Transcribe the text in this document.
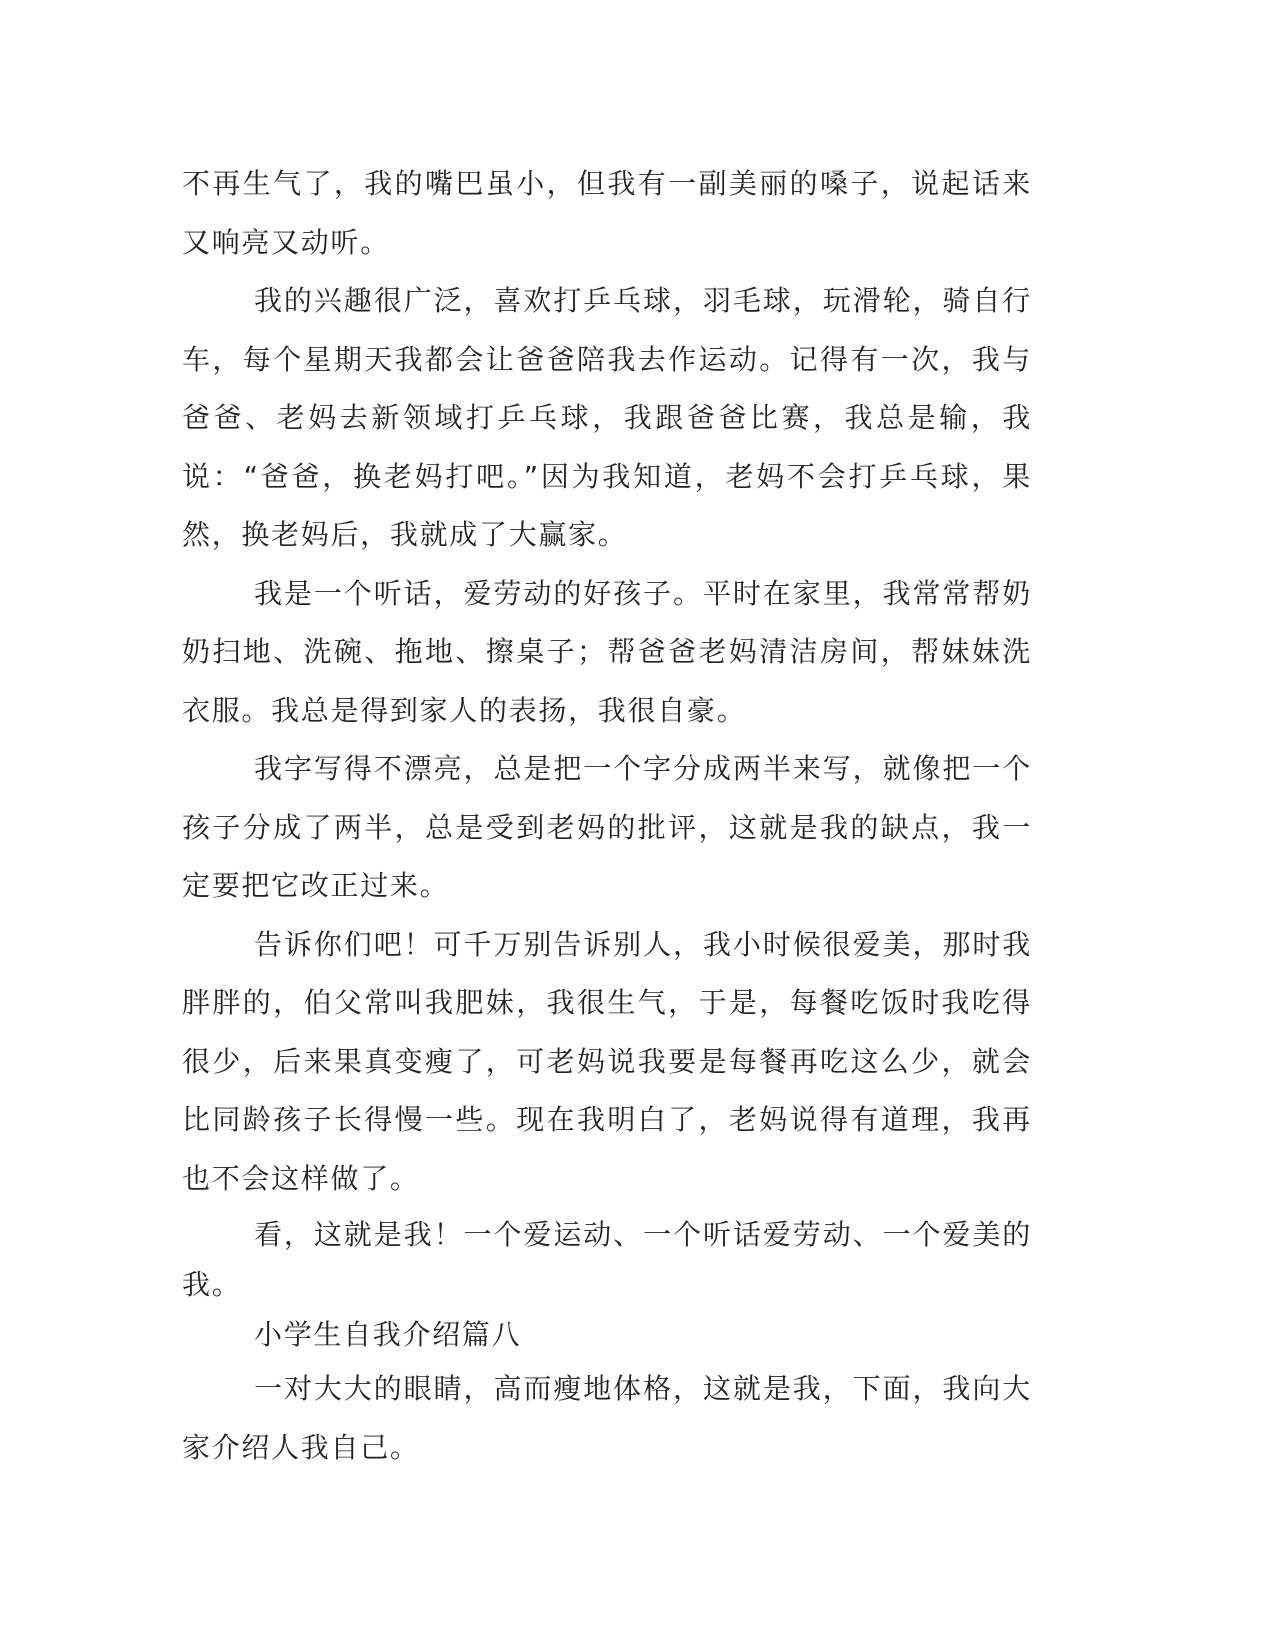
不再生气了，我的嘴巴虽小，但我有一副美丽的嗓子，说起话来又响亮又动听。

我的兴趣很广泛，喜欢打乒乓球，羽毛球，玩滑轮，骑自行车，每个星期天我都会让爸爸陪我去作运动。记得有一次，我与爸爸、老妈去新领域打乒乓球，我跟爸爸比赛，我总是输，我说：“爸爸，换老妈打吧。”因为我知道，老妈不会打乒乓球，果然，换老妈后，我就成了大赢家。

我是一个听话，爱劳动的好孩子。平时在家里，我常常帮奶奶扫地、洗碗、拖地、擦桌子；帮爸爸老妈清洁房间，帮妹妹洗衣服。我总是得到家人的表扬，我很自豪。

我字写得不漂亮，总是把一个字分成两半来写，就像把一个孩子分成了两半，总是受到老妈的批评，这就是我的缺点，我一定要把它改正过来。

告诉你们吧！可千万别告诉别人，我小时候很爱美，那时我胖胖的，伯父常叫我肥妹，我很生气，于是，每餐吃饭时我吃得很少，后来果真变瘦了，可老妈说我要是每餐再吃这么少，就会比同龄孩子长得慢一些。现在我明白了，老妈说得有道理，我再也不会这样做了。

看，这就是我！一个爱运动、一个听话爱劳动、一个爱美的我。

小学生自我介绍篇八

一对大大的眼睛，高而瘦地体格，这就是我，下面，我向大家介绍人我自己。
